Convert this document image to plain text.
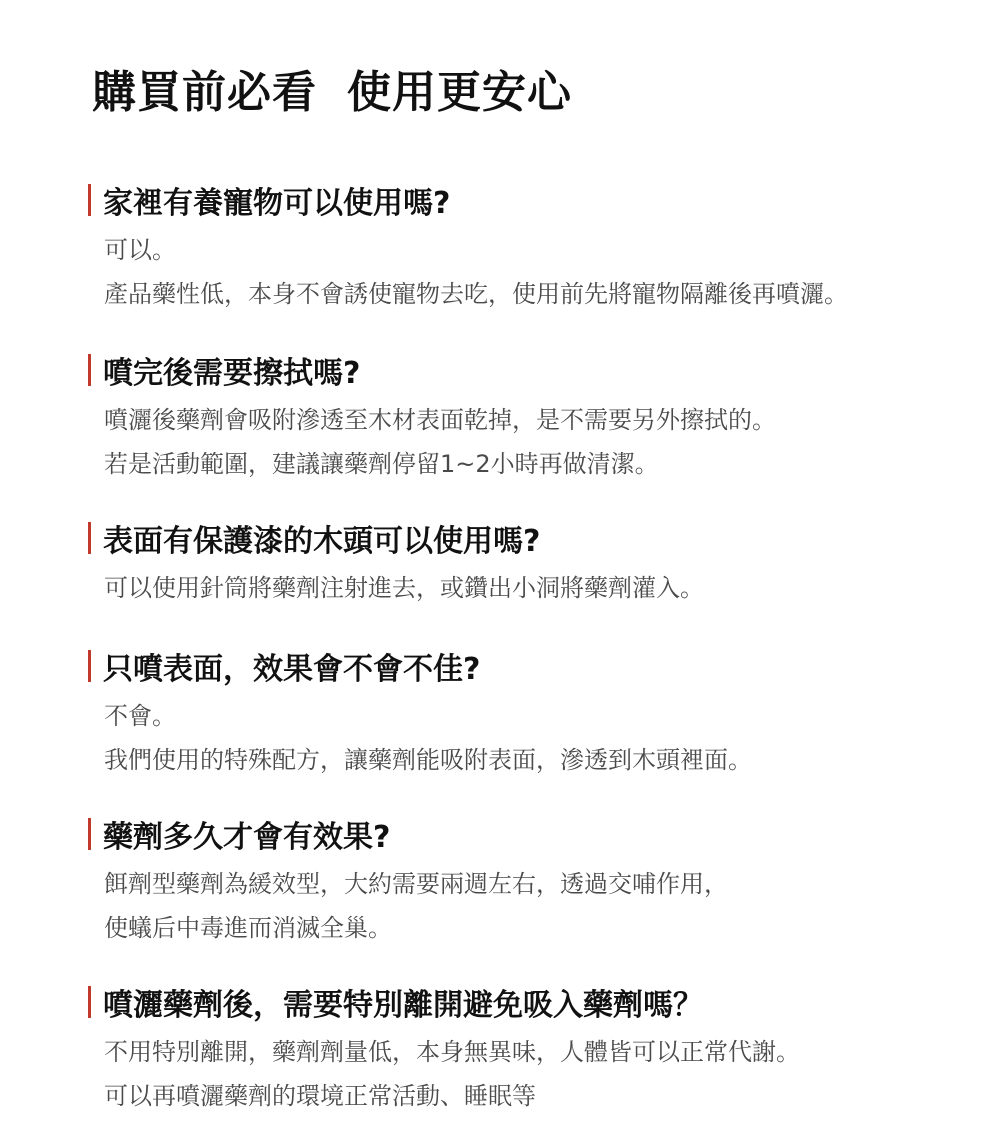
購買前必看 使用更安心
家裡有養寵物可以使用嗎?
可以。
產品藥性低，本身不會誘使寵物去吃，使用前先將寵物隔離後再噴灑。
噴完後需要擦拭嗎?
噴灑後藥劑會吸附滲透至木材表面乾掉，是不需要另外擦拭的。
若是活動範圍，建議讓藥劑停留1~2小時再做清潔。
表面有保護漆的木頭可以使用嗎?
可以使用針筒將藥劑注射進去，或鑽出小洞將藥劑灌入。
只噴表面，效果會不會不佳?
不會。
我們使用的特殊配方，讓藥劑能吸附表面，滲透到木頭裡面。
藥劑多久才會有效果?
餌劑型藥劑為緩效型，大約需要兩週左右，透過交哺作用，
使蟻后中毒進而消滅全巢。
噴灑藥劑後，需要特別離開避免吸入藥劑嗎？
不用特別離開，藥劑劑量低，本身無異味，人體皆可以正常代謝。
可以再噴灑藥劑的環境正常活動、睡眠等
